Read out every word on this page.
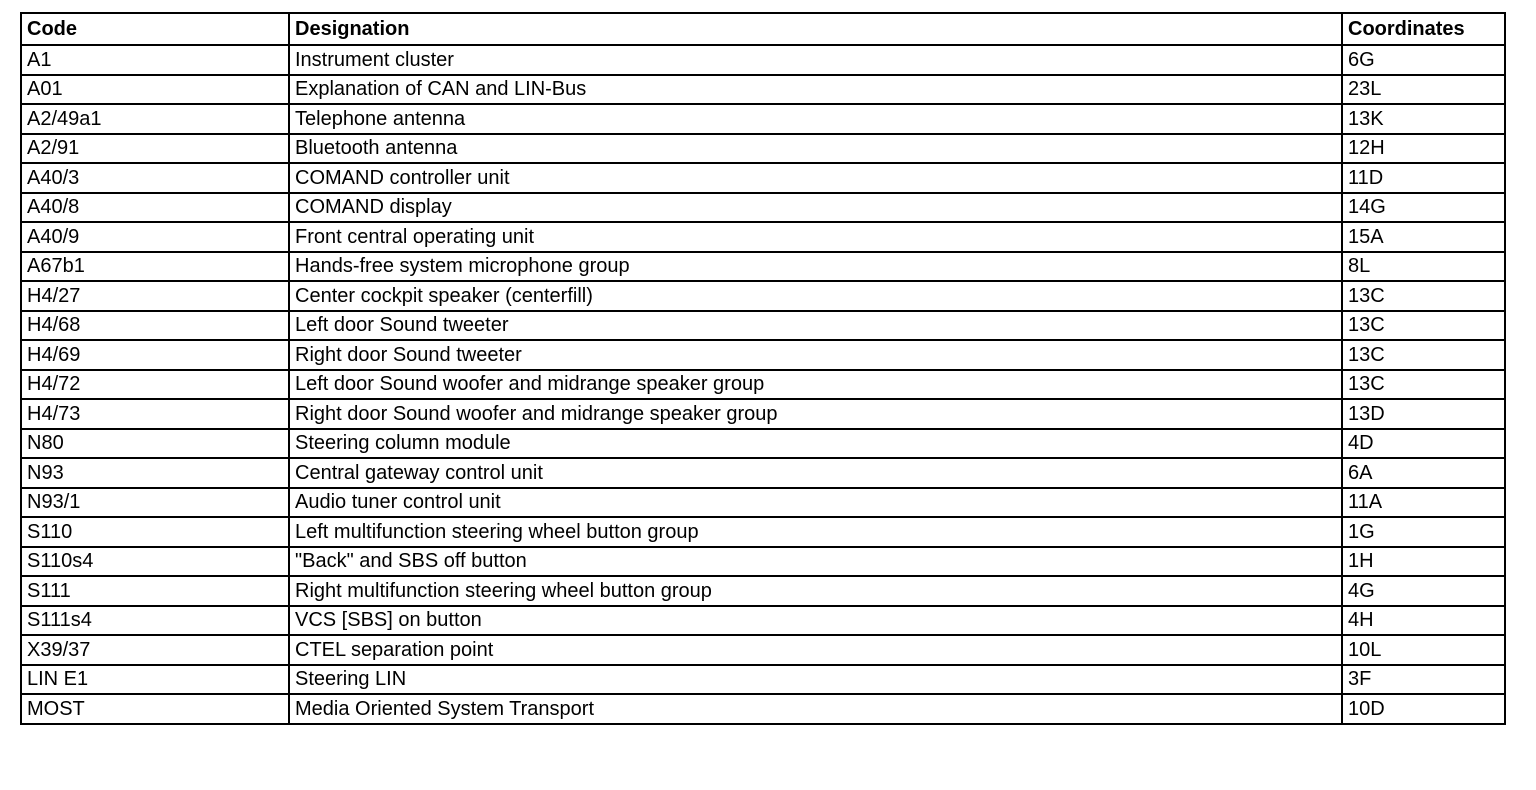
Code	Designation	Coordinates
A1	Instrument cluster	6G
A01	Explanation of CAN and LIN-Bus	23L
A2/49a1	Telephone antenna	13K
A2/91	Bluetooth antenna	12H
A40/3	COMAND controller unit	11D
A40/8	COMAND display	14G
A40/9	Front central operating unit	15A
A67b1	Hands-free system microphone group	8L
H4/27	Center cockpit speaker (centerfill)	13C
H4/68	Left door Sound tweeter	13C
H4/69	Right door Sound tweeter	13C
H4/72	Left door Sound woofer and midrange speaker group	13C
H4/73	Right door Sound woofer and midrange speaker group	13D
N80	Steering column module	4D
N93	Central gateway control unit	6A
N93/1	Audio tuner control unit	11A
S110	Left multifunction steering wheel button group	1G
S110s4	"Back" and SBS off button	1H
S111	Right multifunction steering wheel button group	4G
S111s4	VCS [SBS] on button	4H
X39/37	CTEL separation point	10L
LIN E1	Steering LIN	3F
MOST	Media Oriented System Transport	10D
